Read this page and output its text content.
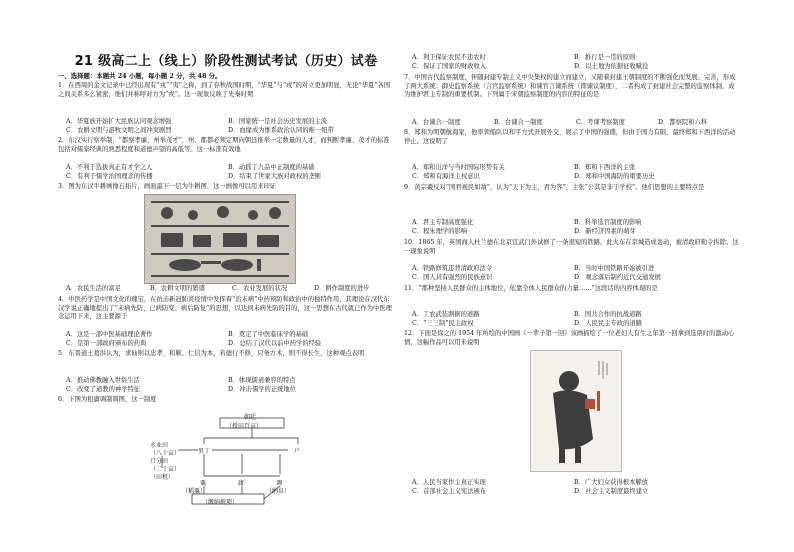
21 级高二上（线上）阶段性测试考试（历史）试卷
一、选择题：本题共 24 小题，每小题 2 分，共 48 分。
1．在西周的金文记录中已经出现有“戎”“夷”之称，到了春秋战国时期，“华夏”与“戎”的对立更加明显，无论“华夏”各国之间关系多么紧密，他们并称呼对方为“戎”。这一现象反映了先秦时期
A．华夏族开始扩大民族认同观念增强	B．国家统一是社会历史发展的主流
C．农耕文明与游牧文明之间冲突剧烈	D．血缘成为维系政治认同的唯一纽带
2．东汉实行察举制，“都察孝廉，州举茂才”，州、郡都必须定期向朝廷推举一定数量的人才，而判断孝廉、茂才的标准包括对儒家经典的熟悉程度和道德声望的高低等。这一标准有效地
A．不利于选拔真正有才学之人	B．动摇了九品中正制度的基础
C．有利于儒学治国理念的传播	D．结束了世家大族对政权的垄断
3．图为东汉牛耕画像石拓片，画面最下一层为牛耕图，这一画像可以用来印证
A．农民生活的富足	B．农耕文明的繁盛	C．农业发展的状况	D．耕作制度的进步
4．中医药学是中国文化的瑰宝，在抗击新冠肺炎疫情中发挥着“治未病”中药预防和政治中的独特作用，其理论在汉代东汉学说正确地提出了“未病先防、已病防变、病后防复”的思想，以达到未病先防的目的，这一思想在古代就已作为中医理念运用下来，这主要源于
A．这是一部中医基础理论著作	B．奠定了中医临床学的基础
C．是第一部政府颁布的药典	D．总结了汉代以前中药学的经验
5．东晋道士葛洪认为，求仙则以忠孝、和顺、仁信为本，若德行不修，只务方术，则不得长生，这种观点表明
A．推动佛教融入世俗生活	B．体现儒道兼容的特点
C．改变了道教的神学特征	D．冲击儒学的正统地位
6．下图为租庸调制简图，这一制度
朝廷
（授田百亩）
水业田
（八十亩）
口分田
（二十亩）
（田租）
男丁	户
粟	庸	调
（稻粟）	（绢帛）
（缴纳税项）
A．利于保证农民不违农时	B．推行是一贯的原则
C．保证了国家的财政收入	D．以土地为依据征收赋役
7．中国古代监察制度，伴随封建专制主义中央集权的建立而建立，又随着封建王朝制度的不断强化而发展、完善，形成了两大系统：御史监察系统（言官监察系统）和谏官言谏系统（即谏议制度），二者构成了封建社会完整的监察体制，成为维护君主专制的重要机制。下列属于宋朝监察制度的内容的特征的是
A．台谏合一制度	B．台谏合一制度	C．考课考察制度	D．都察院和六科
8．郑和为明朝航海家，他率领船队以和平方式开展外交，展示了中国的强盛，但由于国力有限，最终郑和下西洋的活动停止。这说明了
A．郑和出洋与当时国际形势有关	B．郑和下西洋的主张
C．郑和有海洋主权意识	D．郑和中国海防的重要历史
9．黄宗羲反对“国君视民如敌”，认为“天下为主，君为客”，主张“公其是非于学校”。他们思想的主要特点是
A．君主专制高度强化	B．科举选官制度的影响
C．程朱理学的影响	D．新经济因素的萌芽
10．1865 年，英国商人杜兰德在北京宣武门外试修了一条很短的铁路，此火车在京城造成轰动，被清政府勒令拆除。这一现象说明
A．铁路修筑违背清政府法令	B．当时中国铁路开始被引进
C．国人具有强烈的民族意识	D．观念落后制约近代交通发展
11．“那种坚持人民群众的主体地位，依靠全体人民群众的力量……”这段话的内容体现的是
A．工农武装割据的道路	B．国共合作的抗战道路
C．“三三制”民主政权	D．人民民主专政的道路
12．下面是徐之的 1954 年所绘的中国画《一辈子第一回》该画描绘了一位老妇人有生之年第一回拿到选票时的激动心情，这幅作品可以用来说明
A．人民当家作主真正实现	B．广大妇女获得根本解放
C．首部社会主义宪法颁布	D．社会主义制度最终建立
